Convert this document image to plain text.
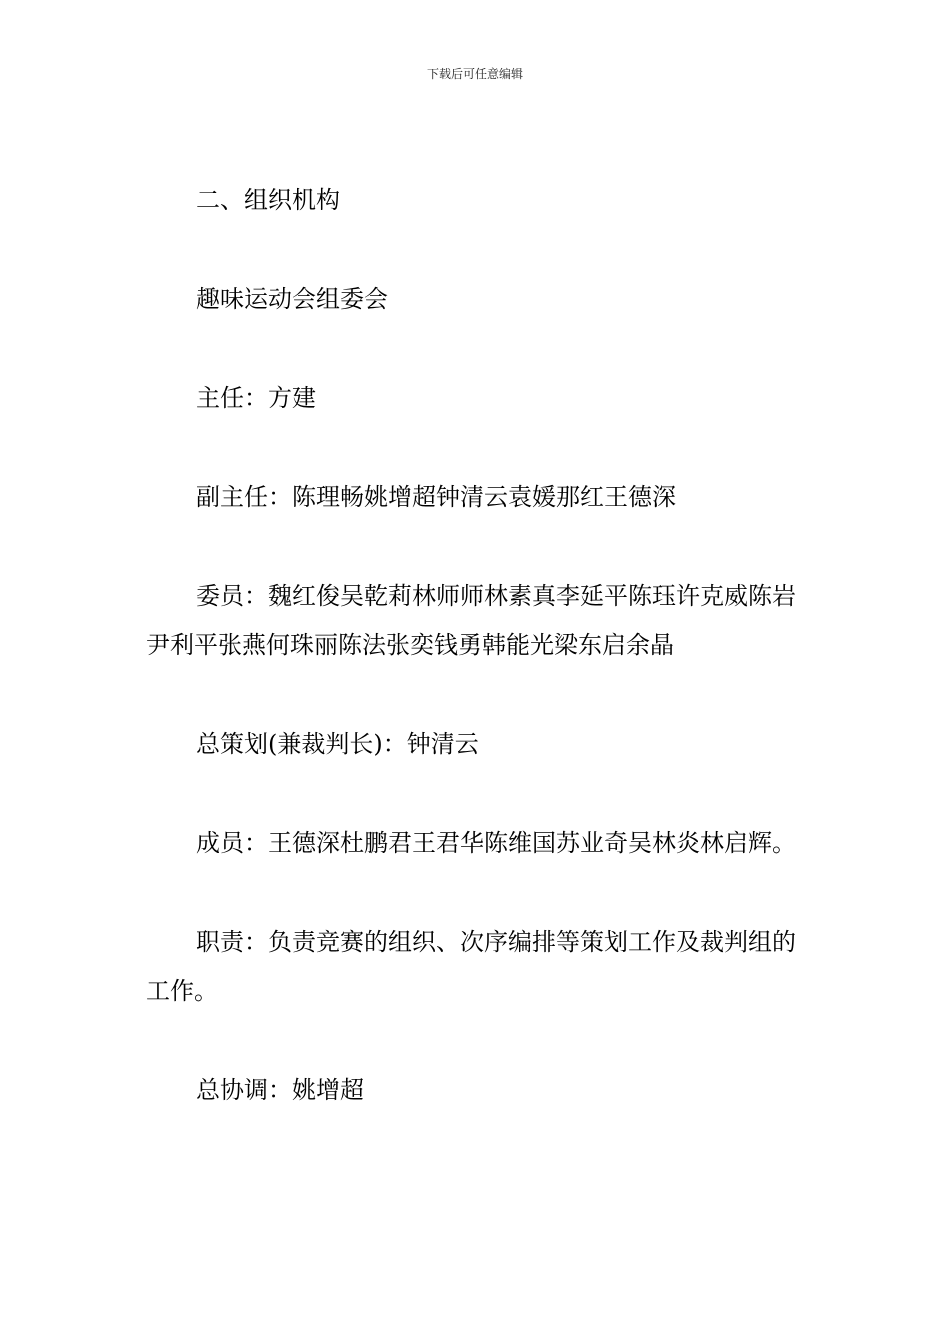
下载后可任意编辑

二、组织机构

趣味运动会组委会

主任：方建

副主任：陈理畅姚增超钟清云袁媛那红王德深

委员：魏红俊吴乾莉林师师林素真李延平陈珏许克威陈岩尹利平张燕何珠丽陈法张奕钱勇韩能光梁东启余晶

总策划(兼裁判长)：钟清云

成员：王德深杜鹏君王君华陈维国苏业奇吴林炎林启辉。

职责：负责竞赛的组织、次序编排等策划工作及裁判组的工作。

总协调：姚增超
